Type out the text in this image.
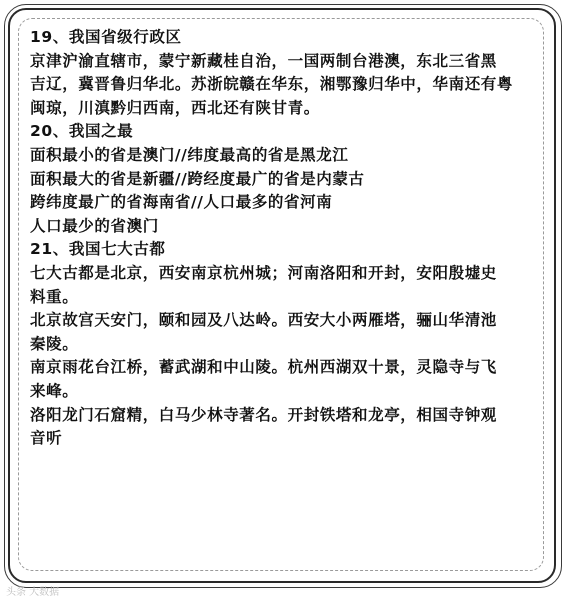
19、我国省级行政区
京津沪渝直辖市，蒙宁新藏桂自治，一国两制台港澳，东北三省黑
吉辽，冀晋鲁归华北。苏浙皖赣在华东，湘鄂豫归华中，华南还有粤
闽琼，川滇黔归西南，西北还有陕甘青。
20、我国之最
面积最小的省是澳门//纬度最高的省是黑龙江
面积最大的省是新疆//跨经度最广的省是内蒙古
跨纬度最广的省海南省//人口最多的省河南
人口最少的省澳门
21、我国七大古都
七大古都是北京，西安南京杭州城；河南洛阳和开封，安阳殷墟史
料重。
北京故宫天安门，颐和园及八达岭。西安大小两雁塔，骊山华清池
秦陵。
南京雨花台江桥，蓄武湖和中山陵。杭州西湖双十景，灵隐寺与飞
来峰。
洛阳龙门石窟精，白马少林寺著名。开封铁塔和龙亭，相国寺钟观
音听
头条 大数据
